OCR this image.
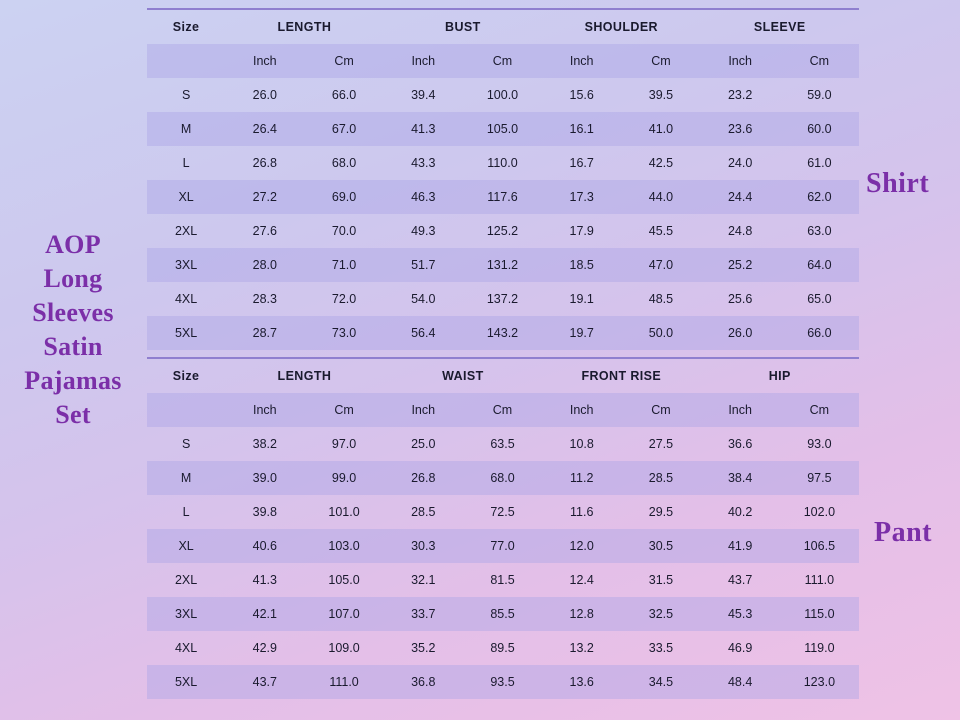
AOP
Long
Sleeves
Satin
Pajamas
Set
Shirt
Pant

Size	LENGTH		BUST		SHOULDER		SLEEVE	
	Inch	Cm	Inch	Cm	Inch	Cm	Inch	Cm
S	26.0	66.0	39.4	100.0	15.6	39.5	23.2	59.0
M	26.4	67.0	41.3	105.0	16.1	41.0	23.6	60.0
L	26.8	68.0	43.3	110.0	16.7	42.5	24.0	61.0
XL	27.2	69.0	46.3	117.6	17.3	44.0	24.4	62.0
2XL	27.6	70.0	49.3	125.2	17.9	45.5	24.8	63.0
3XL	28.0	71.0	51.7	131.2	18.5	47.0	25.2	64.0
4XL	28.3	72.0	54.0	137.2	19.1	48.5	25.6	65.0
5XL	28.7	73.0	56.4	143.2	19.7	50.0	26.0	66.0

Size	LENGTH		WAIST		FRONT RISE		HIP	
	Inch	Cm	Inch	Cm	Inch	Cm	Inch	Cm
S	38.2	97.0	25.0	63.5	10.8	27.5	36.6	93.0
M	39.0	99.0	26.8	68.0	11.2	28.5	38.4	97.5
L	39.8	101.0	28.5	72.5	11.6	29.5	40.2	102.0
XL	40.6	103.0	30.3	77.0	12.0	30.5	41.9	106.5
2XL	41.3	105.0	32.1	81.5	12.4	31.5	43.7	111.0
3XL	42.1	107.0	33.7	85.5	12.8	32.5	45.3	115.0
4XL	42.9	109.0	35.2	89.5	13.2	33.5	46.9	119.0
5XL	43.7	111.0	36.8	93.5	13.6	34.5	48.4	123.0
